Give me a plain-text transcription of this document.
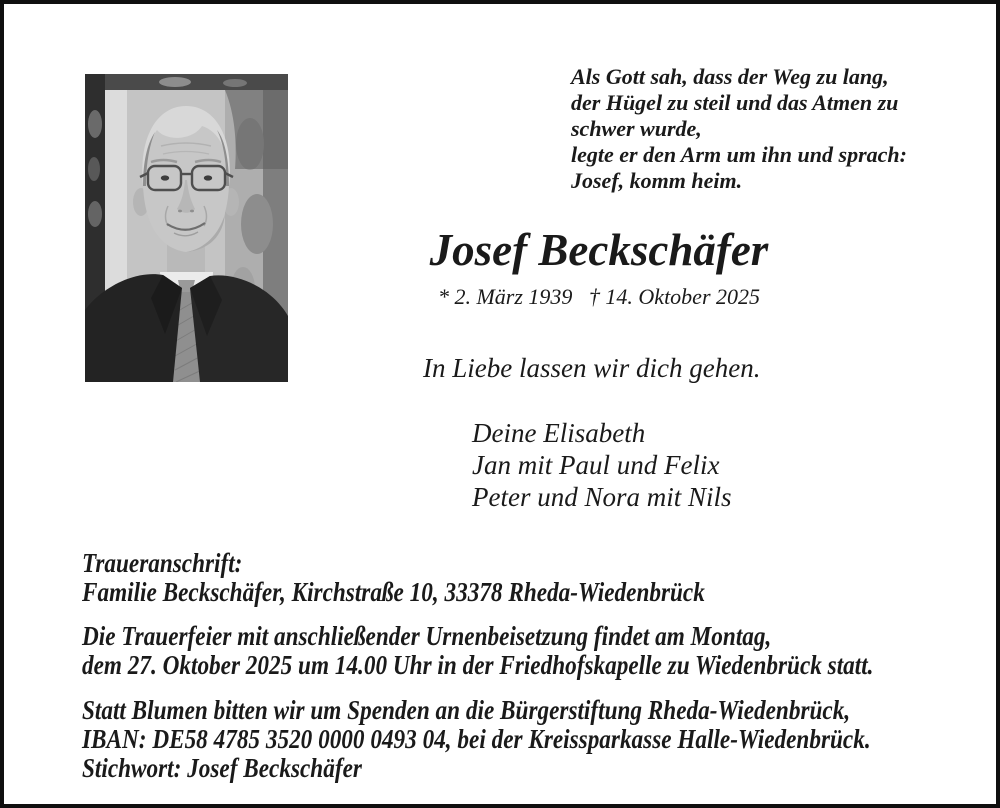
Als Gott sah, dass der Weg zu lang,
der Hügel zu steil und das Atmen zu
schwer wurde,
legte er den Arm um ihn und sprach:
Josef, komm heim.
Josef Beckschäfer
* 2. März 1939   † 14. Oktober 2025
In Liebe lassen wir dich gehen.
Deine Elisabeth
Jan mit Paul und Felix
Peter und Nora mit Nils
Traueranschrift:
Familie Beckschäfer, Kirchstraße 10, 33378 Rheda-Wiedenbrück
Die Trauerfeier mit anschließender Urnenbeisetzung findet am Montag,
dem 27. Oktober 2025 um 14.00 Uhr in der Friedhofskapelle zu Wiedenbrück statt.
Statt Blumen bitten wir um Spenden an die Bürgerstiftung Rheda-Wiedenbrück,
IBAN: DE58 4785 3520 0000 0493 04, bei der Kreissparkasse Halle-Wiedenbrück.
Stichwort: Josef Beckschäfer
